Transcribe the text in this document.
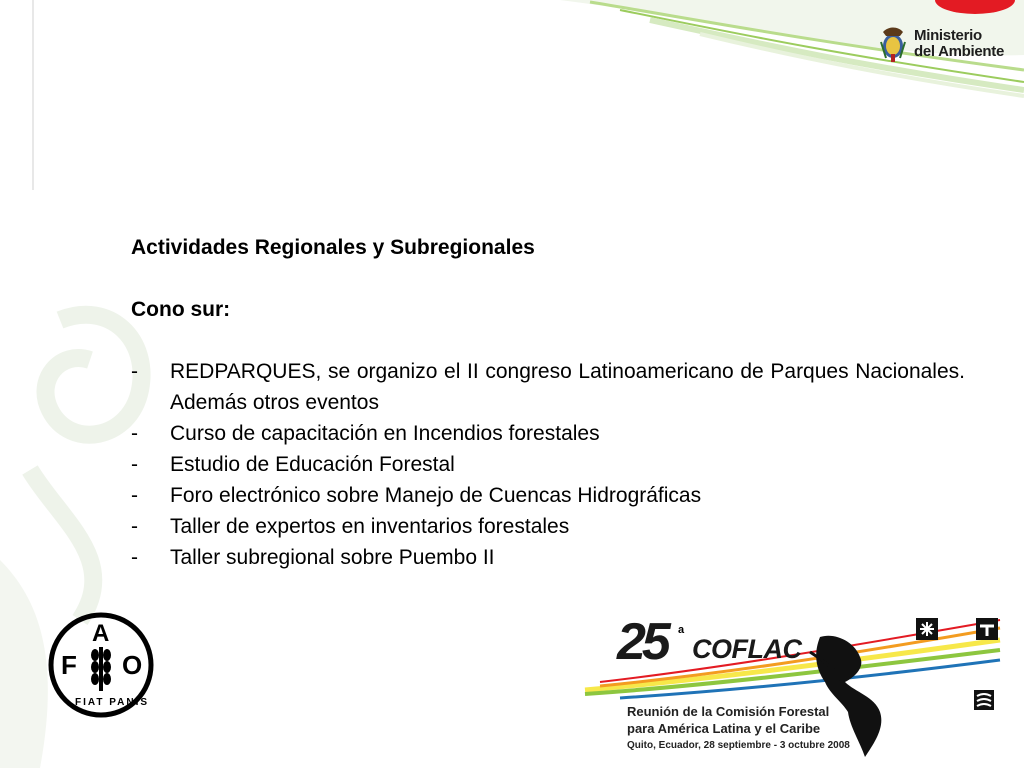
Ministerio
del Ambiente

Actividades Regionales y Subregionales

Cono sur:

- REDPARQUES, se organizo el II congreso Latinoamericano de Parques Nacionales. Además otros eventos
- Curso de capacitación en Incendios forestales
- Estudio de Educación Forestal
- Foro electrónico sobre Manejo de Cuencas Hidrográficas
- Taller de expertos en inventarios forestales
- Taller subregional sobre Puembo II
F
A
O
FIAT PANIS
25 a
COFLAC
Reunión de la Comisión Forestal
para América Latina y el Caribe
Quito, Ecuador, 28 septiembre - 3 octubre 2008
